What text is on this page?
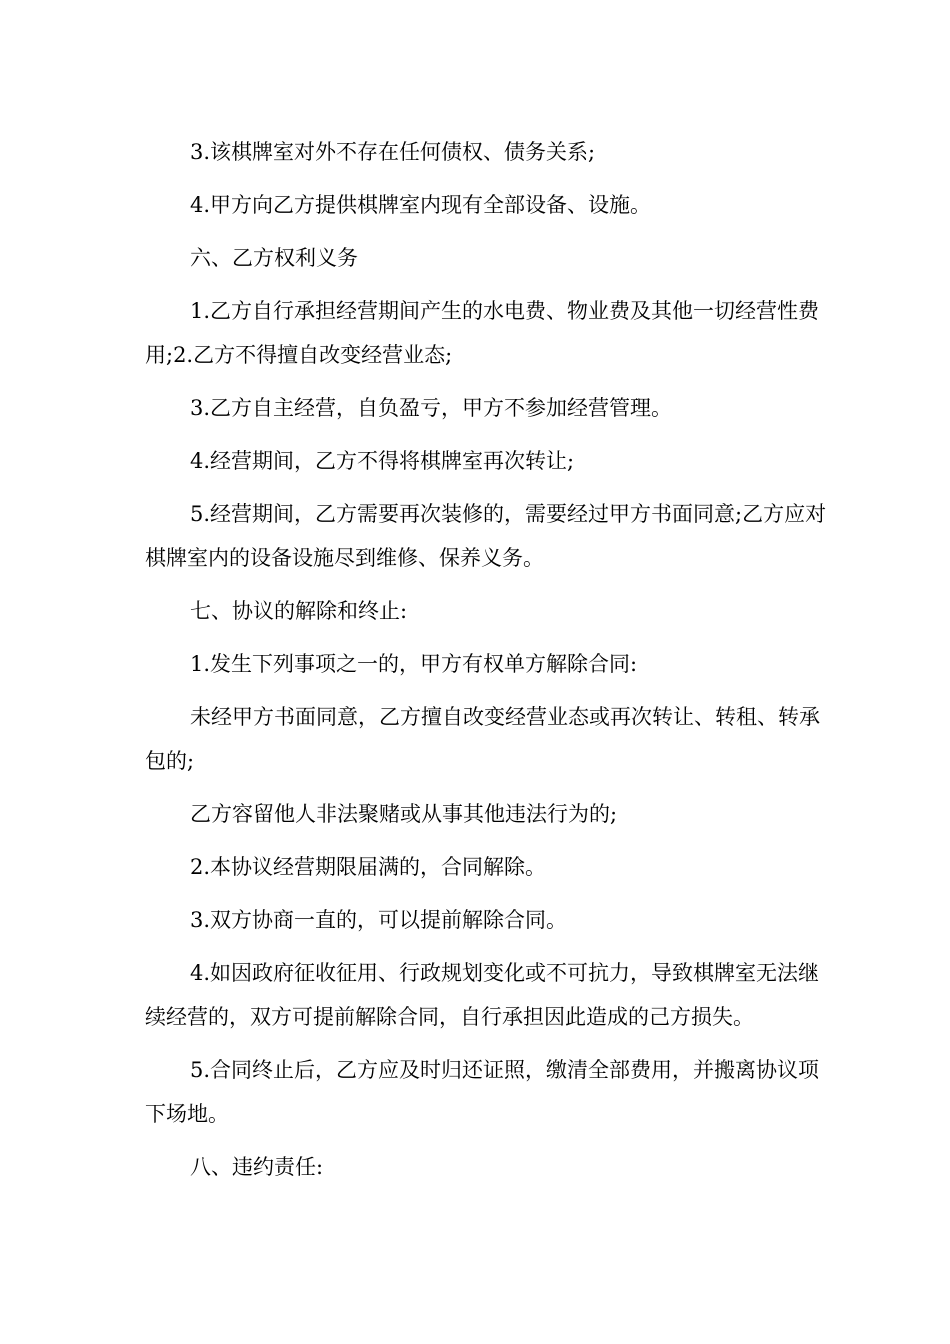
3.该棋牌室对外不存在任何债权、债务关系;

4.甲方向乙方提供棋牌室内现有全部设备、设施。

六、乙方权利义务

1.乙方自行承担经营期间产生的水电费、物业费及其他一切经营性费用;2.乙方不得擅自改变经营业态;

3.乙方自主经营，自负盈亏，甲方不参加经营管理。

4.经营期间，乙方不得将棋牌室再次转让;

5.经营期间，乙方需要再次装修的，需要经过甲方书面同意;乙方应对棋牌室内的设备设施尽到维修、保养义务。

七、协议的解除和终止:

1.发生下列事项之一的，甲方有权单方解除合同:

未经甲方书面同意，乙方擅自改变经营业态或再次转让、转租、转承包的;

乙方容留他人非法聚赌或从事其他违法行为的;

2.本协议经营期限届满的，合同解除。

3.双方协商一直的，可以提前解除合同。

4.如因政府征收征用、行政规划变化或不可抗力，导致棋牌室无法继续经营的，双方可提前解除合同，自行承担因此造成的己方损失。

5.合同终止后，乙方应及时归还证照，缴清全部费用，并搬离协议项下场地。

八、违约责任:
